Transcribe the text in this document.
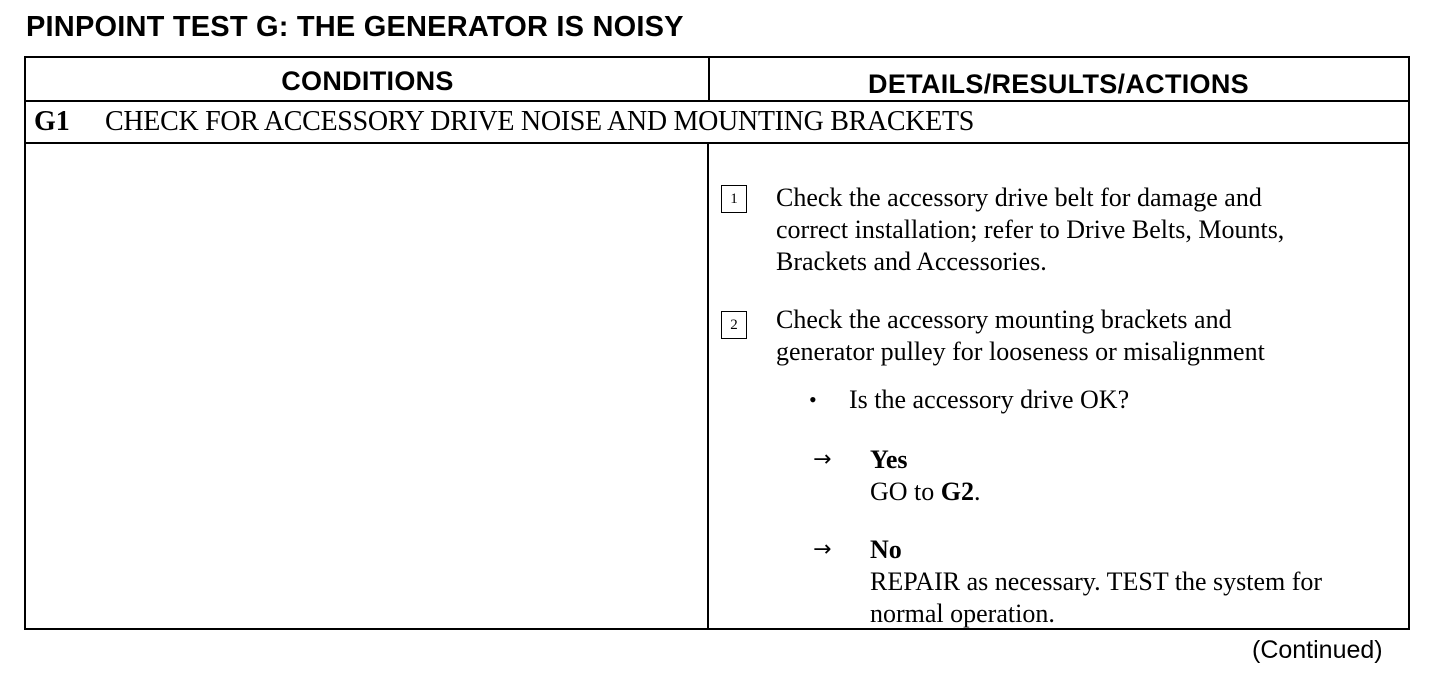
PINPOINT TEST G: THE GENERATOR IS NOISY
CONDITIONS	DETAILS/RESULTS/ACTIONS
G1 CHECK FOR ACCESSORY DRIVE NOISE AND MOUNTING BRACKETS
1	Check the accessory drive belt for damage and
correct installation; refer to Drive Belts, Mounts,
Brackets and Accessories.
2	Check the accessory mounting brackets and
generator pulley for looseness or misalignment
• Is the accessory drive OK?
→ Yes
GO to G2.
→ No
REPAIR as necessary. TEST the system for
normal operation.
(Continued)
